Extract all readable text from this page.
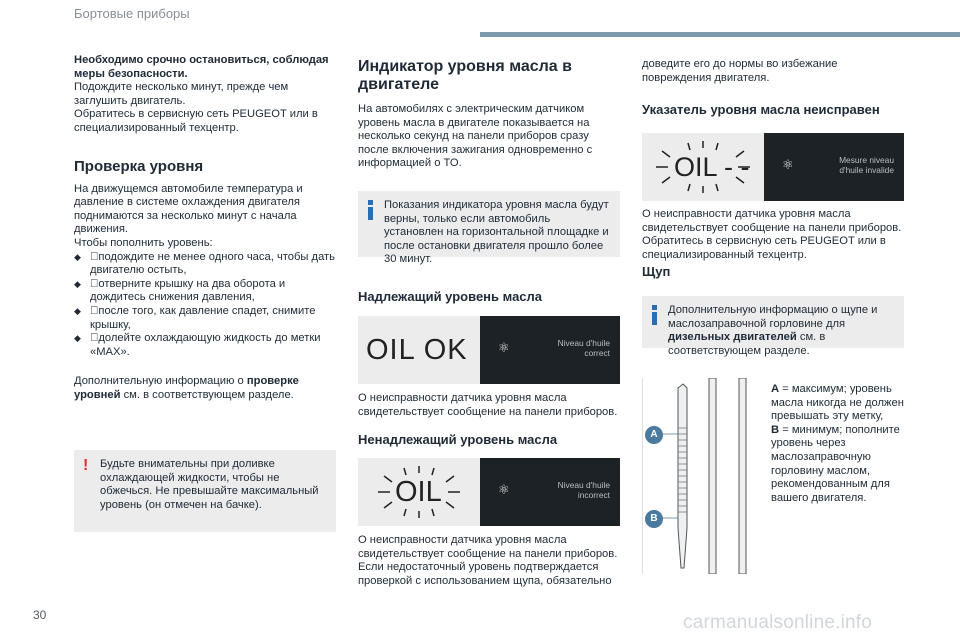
Бортовые приборы
Необходимо срочно остановиться, соблюдая меры безопасности.
Подождите несколько минут, прежде чем заглушить двигатель.
Обратитесь в сервисную сеть PEUGEOT или в специализированный техцентр.
Проверка уровня
На движущемся автомобиле температура и давление в системе охлаждения двигателя поднимаются за несколько минут с начала движения.
Чтобы пополнить уровень:
◆ подождите не менее одного часа, чтобы дать двигателю остыть,
◆ отверните крышку на два оборота и дождитесь снижения давления,
◆ после того, как давление спадет, снимите крышку,
◆ долейте охлаждающую жидкость до метки «MAX».
Дополнительную информацию о проверке уровней см. в соответствующем разделе.
! Будьте внимательны при доливке охлаждающей жидкости, чтобы не обжечься. Не превышайте максимальный уровень (он отмечен на бачке).
Индикатор уровня масла в двигателе
На автомобилях с электрическим датчиком уровень масла в двигателе показывается на несколько секунд на панели приборов сразу после включения зажигания одновременно с информацией о ТО.
Показания индикатора уровня масла будут верны, только если автомобиль установлен на горизонтальной площадке и после остановки двигателя прошло более 30 минут.
Надлежащий уровень масла
OIL OK ⚛	Niveau d'huile correct
О неисправности датчика уровня масла свидетельствует сообщение на панели приборов.
Ненадлежащий уровень масла
OIL	⚛	Niveau d'huile incorrect
О неисправности датчика уровня масла свидетельствует сообщение на панели приборов.
Если недостаточный уровень подтверждается проверкой с использованием щупа, обязательно
доведите его до нормы во избежание повреждения двигателя.
Указатель уровня масла неисправен
OIL - - ⚛	Mesure niveau d'huile invalide
О неисправности датчика уровня масла свидетельствует сообщение на панели приборов. Обратитесь в сервисную сеть PEUGEOT или в специализированный техцентр.
Щуп
Дополнительную информацию о щупе и маслозаправочной горловине для дизельных двигателей см. в соответствующем разделе.
A
B
A = максимум; уровень масла никогда не должен превышать эту метку,
B = минимум; пополните уровень через маслозаправочную горловину маслом, рекомендованным для вашего двигателя.
30	carmanualsonline.info
